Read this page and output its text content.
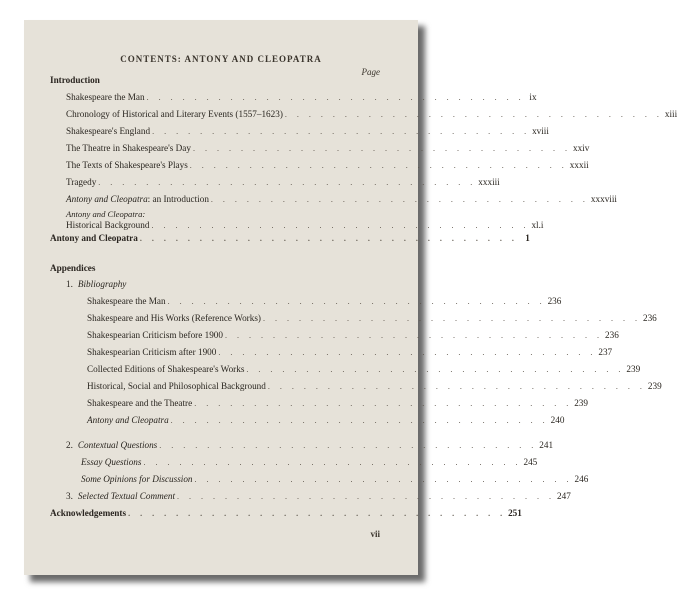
CONTENTS: ANTONY AND CLEOPATRA
Page
Introduction
Shakespeare the Man . . . . . . . . . . . . . . . . . . . . . . . . . . . . . . . . ix
Chronology of Historical and Literary Events (1557–1623) . . . . . . . . . . . . . . . . . . . . . . . . . . . . . . . . xiii
Shakespeare's England . . . . . . . . . . . . . . . . . . . . . . . . . . . . . . . . xviii
The Theatre in Shakespeare's Day . . . . . . . . . . . . . . . . . . . . . . . . . . . . . . . . xxiv
The Texts of Shakespeare's Plays . . . . . . . . . . . . . . . . . . . . . . . . . . . . . . . . xxxii
Tragedy . . . . . . . . . . . . . . . . . . . . . . . . . . . . . . . . xxxiii
Antony and Cleopatra: an Introduction . . . . . . . . . . . . . . . . . . . . . . . . . . . . . . . . xxxviii
Antony and Cleopatra:
Historical Background . . . . . . . . . . . . . . . . . . . . . . . . . . . . . . . . xl.i
Antony and Cleopatra . . . . . . . . . . . . . . . . . . . . . . . . . . . . . . . . 1
Appendices
1. Bibliography
Shakespeare the Man . . . . . . . . . . . . . . . . . . . . . . . . . . . . . . . . 236
Shakespeare and His Works (Reference Works) . . . . . . . . . . . . . . . . . . . . . . . . . . . . . . . . 236
Shakespearian Criticism before 1900 . . . . . . . . . . . . . . . . . . . . . . . . . . . . . . . . 236
Shakespearian Criticism after 1900 . . . . . . . . . . . . . . . . . . . . . . . . . . . . . . . . 237
Collected Editions of Shakespeare's Works . . . . . . . . . . . . . . . . . . . . . . . . . . . . . . . . 239
Historical, Social and Philosophical Background . . . . . . . . . . . . . . . . . . . . . . . . . . . . . . . . 239
Shakespeare and the Theatre . . . . . . . . . . . . . . . . . . . . . . . . . . . . . . . . 239
Antony and Cleopatra . . . . . . . . . . . . . . . . . . . . . . . . . . . . . . . . 240
2. Contextual Questions . . . . . . . . . . . . . . . . . . . . . . . . . . . . . . . . 241
Essay Questions . . . . . . . . . . . . . . . . . . . . . . . . . . . . . . . . 245
Some Opinions for Discussion . . . . . . . . . . . . . . . . . . . . . . . . . . . . . . . . 246
3. Selected Textual Comment . . . . . . . . . . . . . . . . . . . . . . . . . . . . . . . . 247
Acknowledgements . . . . . . . . . . . . . . . . . . . . . . . . . . . . . . . . 251
vii
